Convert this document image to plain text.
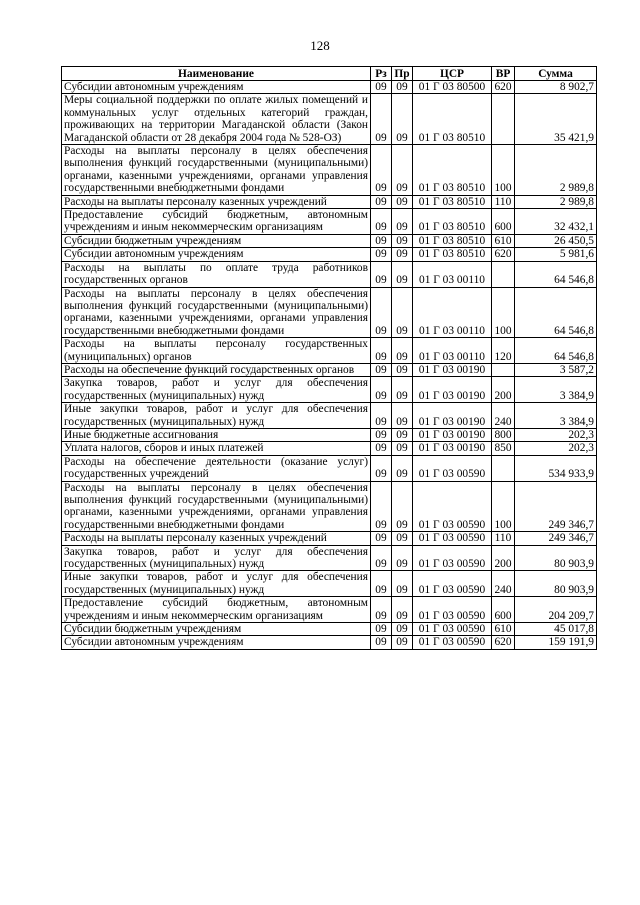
128
Наименование	Рз	Пр	ЦСР	ВР	Сумма
Субсидии автономным учреждениям	09	09	01 Г 03 80500	620	8 902,7
Меры социальной поддержки по оплате жилых помещений и коммунальных услуг отдельных категорий граждан, проживающих на территории Магаданской области (Закон Магаданской области от 28 декабря 2004 года № 528-ОЗ)	09	09	01 Г 03 80510		35 421,9
Расходы на выплаты персоналу в целях обеспечения выполнения функций государственными (муниципальными) органами, казенными учреждениями, органами управления государственными внебюджетными фондами	09	09	01 Г 03 80510	100	2 989,8
Расходы на выплаты персоналу казенных учреждений	09	09	01 Г 03 80510	110	2 989,8
Предоставление субсидий бюджетным, автономным учреждениям и иным некоммерческим организациям	09	09	01 Г 03 80510	600	32 432,1
Субсидии бюджетным учреждениям	09	09	01 Г 03 80510	610	26 450,5
Субсидии автономным учреждениям	09	09	01 Г 03 80510	620	5 981,6
Расходы на выплаты по оплате труда работников государственных органов	09	09	01 Г 03 00110		64 546,8
Расходы на выплаты персоналу в целях обеспечения выполнения функций государственными (муниципальными) органами, казенными учреждениями, органами управления государственными внебюджетными фондами	09	09	01 Г 03 00110	100	64 546,8
Расходы на выплаты персоналу государственных (муниципальных) органов	09	09	01 Г 03 00110	120	64 546,8
Расходы на обеспечение функций государственных органов	09	09	01 Г 03 00190		3 587,2
Закупка товаров, работ и услуг для обеспечения государственных (муниципальных) нужд	09	09	01 Г 03 00190	200	3 384,9
Иные закупки товаров, работ и услуг для обеспечения государственных (муниципальных) нужд	09	09	01 Г 03 00190	240	3 384,9
Иные бюджетные ассигнования	09	09	01 Г 03 00190	800	202,3
Уплата налогов, сборов и иных платежей	09	09	01 Г 03 00190	850	202,3
Расходы на обеспечение деятельности (оказание услуг) государственных учреждений	09	09	01 Г 03 00590		534 933,9
Расходы на выплаты персоналу в целях обеспечения выполнения функций государственными (муниципальными) органами, казенными учреждениями, органами управления государственными внебюджетными фондами	09	09	01 Г 03 00590	100	249 346,7
Расходы на выплаты персоналу казенных учреждений	09	09	01 Г 03 00590	110	249 346,7
Закупка товаров, работ и услуг для обеспечения государственных (муниципальных) нужд	09	09	01 Г 03 00590	200	80 903,9
Иные закупки товаров, работ и услуг для обеспечения государственных (муниципальных) нужд	09	09	01 Г 03 00590	240	80 903,9
Предоставление субсидий бюджетным, автономным учреждениям и иным некоммерческим организациям	09	09	01 Г 03 00590	600	204 209,7
Субсидии бюджетным учреждениям	09	09	01 Г 03 00590	610	45 017,8
Субсидии автономным учреждениям	09	09	01 Г 03 00590	620	159 191,9
